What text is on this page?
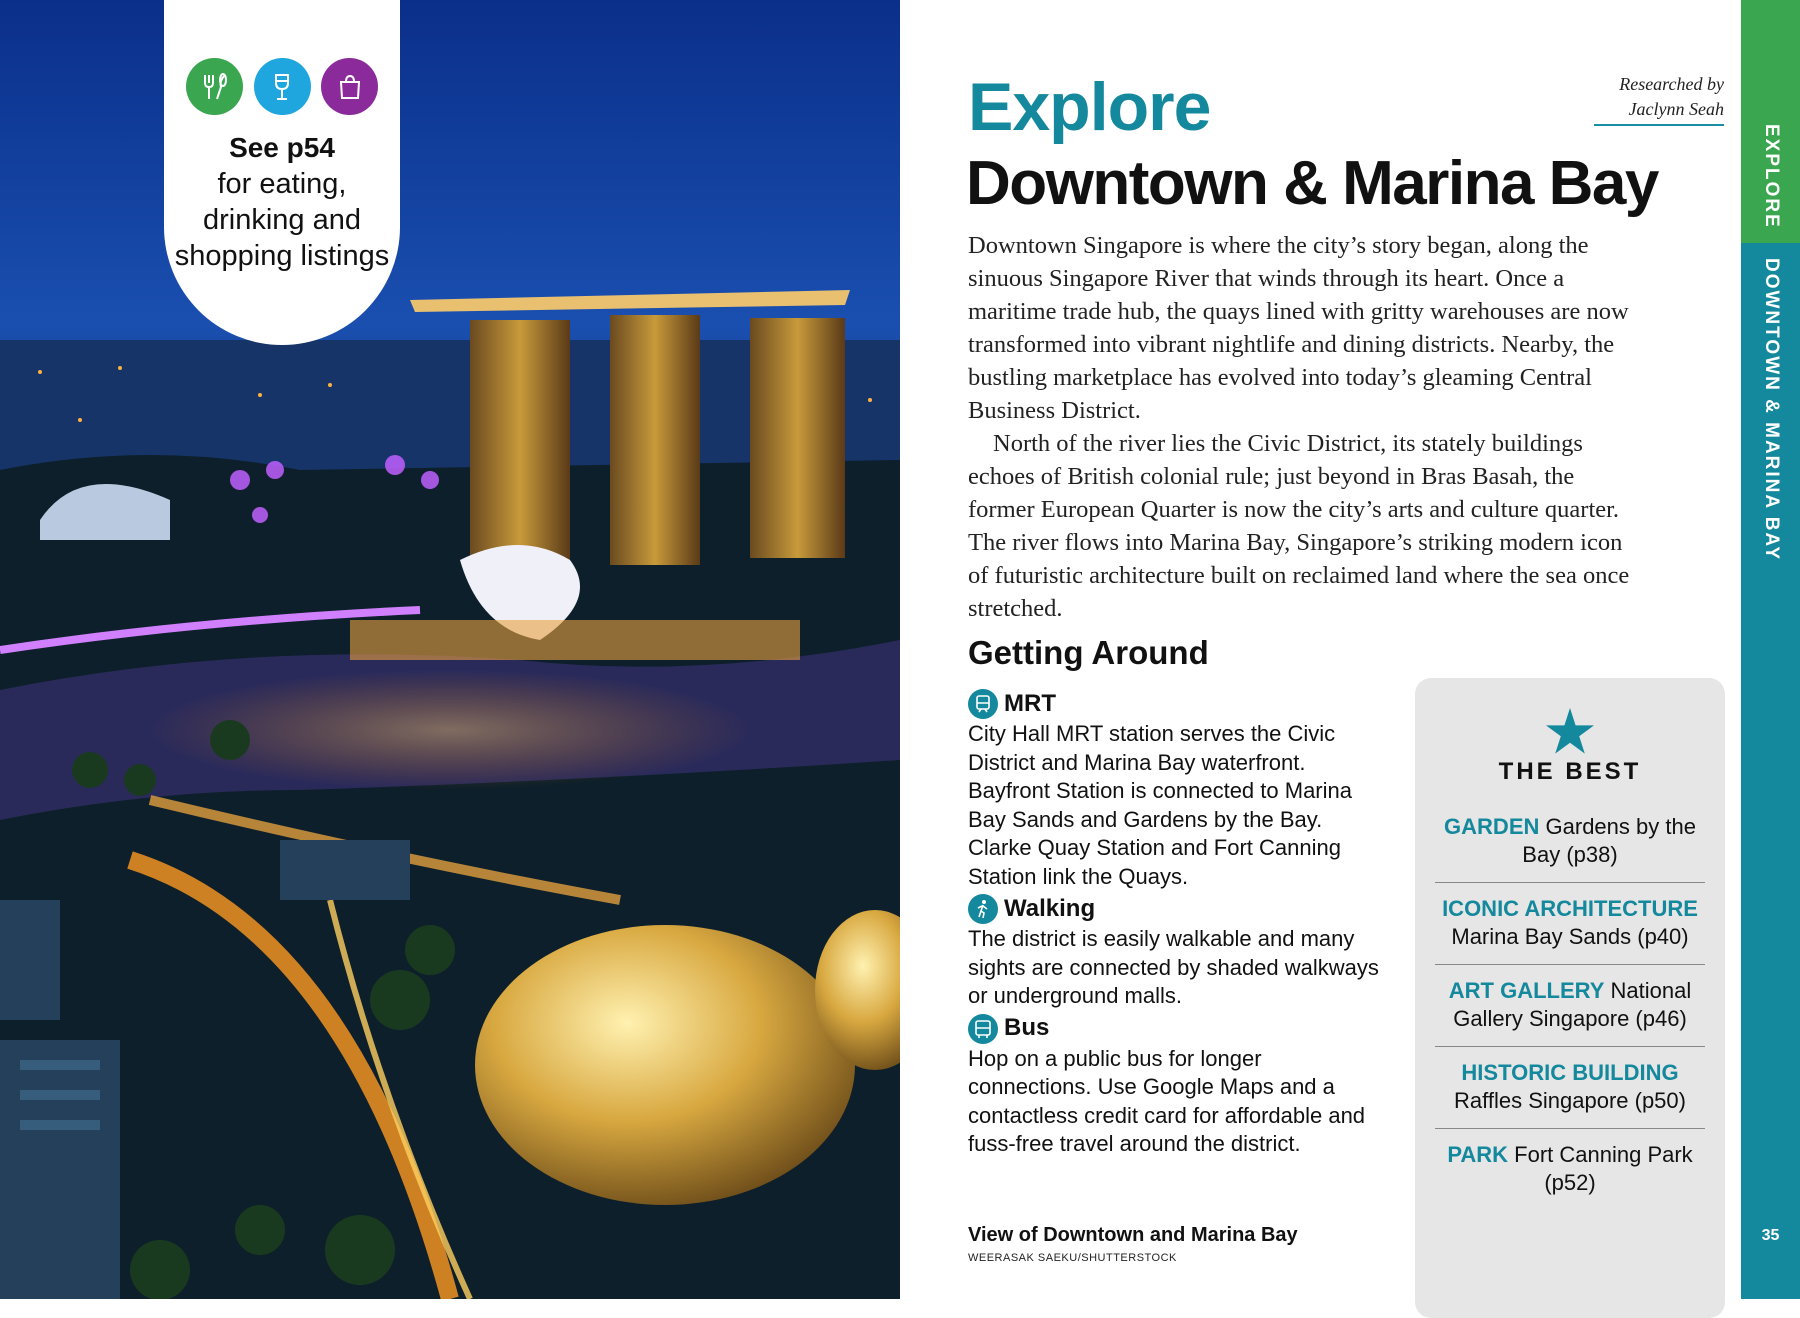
See p54
for eating, drinking and shopping listings
Researched by
Jaclynn Seah
Explore
Downtown & Marina Bay

Downtown Singapore is where the city’s story began, along the sinuous Singapore River that winds through its heart. Once a maritime trade hub, the quays lined with gritty warehouses are now transformed into vibrant nightlife and dining districts. Nearby, the bustling marketplace has evolved into today’s gleaming Central Business District.

North of the river lies the Civic District, its stately buildings echoes of British colonial rule; just beyond in Bras Basah, the former European Quarter is now the city’s arts and culture quarter. The river flows into Marina Bay, Singapore’s striking modern icon of futuristic architecture built on reclaimed land where the sea once stretched.

Getting Around
MRT

City Hall MRT station serves the Civic District and Marina Bay waterfront. Bayfront Station is connected to Marina Bay Sands and Gardens by the Bay. Clarke Quay Station and Fort Canning Station link the Quays.

Walking

The district is easily walkable and many sights are connected by shaded walkways or underground malls.

Bus

Hop on a public bus for longer connections. Use Google Maps and a contactless credit card for affordable and fuss-free travel around the district.

THE BEST
GARDEN Gardens by the Bay (p38)
ICONIC ARCHITECTURE
Marina Bay Sands (p40)
ART GALLERY National Gallery Singapore (p46)
HISTORIC BUILDING Raffles Singapore (p50)
PARK Fort Canning Park (p52)
View of Downtown and Marina Bay
WEERASAK SAEKU/SHUTTERSTOCK
EXPLORE
DOWNTOWN & MARINA BAY
35
